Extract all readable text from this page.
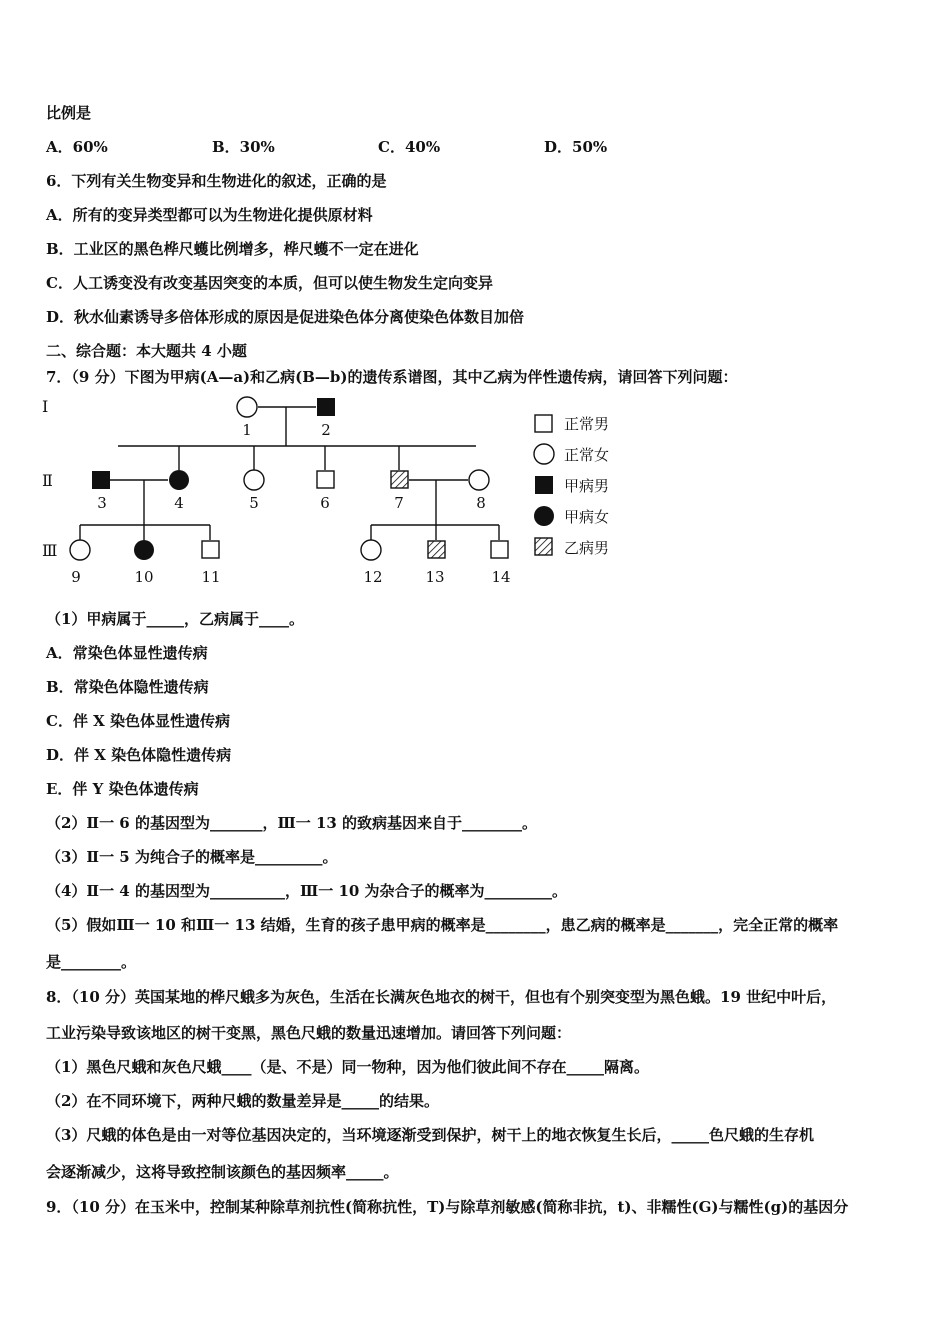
比例是
A．60%	B．30%	C．40%	D．50%
6．下列有关生物变异和生物进化的叙述，正确的是
A．所有的变异类型都可以为生物进化提供原材料
B．工业区的黑色桦尺蠖比例增多，桦尺蠖不一定在进化
C．人工诱变没有改变基因突变的本质，但可以使生物发生定向变异
D．秋水仙素诱导多倍体形成的原因是促进染色体分离使染色体数目加倍
二、综合题：本大题共 4 小题
7．（9 分）下图为甲病(A—a)和乙病(B—b)的遗传系谱图，其中乙病为伴性遗传病，请回答下列问题：
Ⅰ
Ⅱ
Ⅲ
1	2
3	4	5	6	7	8
9	10	11	12	13	14
正常男
正常女
甲病男
甲病女
乙病男
（1）甲病属于_____，乙病属于____。
A．常染色体显性遗传病
B．常染色体隐性遗传病
C．伴 X 染色体显性遗传病
D．伴 X 染色体隐性遗传病
E．伴 Y 染色体遗传病
（2）Ⅱ一 6 的基因型为_______，Ⅲ一 13 的致病基因来自于________。
（3）Ⅱ一 5 为纯合子的概率是_________。
（4）Ⅱ一 4 的基因型为__________，Ⅲ一 10 为杂合子的概率为_________。
（5）假如Ⅲ一 10 和Ⅲ一 13 结婚，生育的孩子患甲病的概率是________，患乙病的概率是_______，完全正常的概率
是________。
8．（10 分）英国某地的桦尺蛾多为灰色，生活在长满灰色地衣的树干，但也有个别突变型为黑色蛾。19 世纪中叶后，
工业污染导致该地区的树干变黑，黑色尺蛾的数量迅速增加。请回答下列问题：
（1）黑色尺蛾和灰色尺蛾____（是、不是）同一物种，因为他们彼此间不存在_____隔离。
（2）在不同环境下，两种尺蛾的数量差异是_____的结果。
（3）尺蛾的体色是由一对等位基因决定的，当环境逐渐受到保护，树干上的地衣恢复生长后，_____色尺蛾的生存机
会逐渐减少，这将导致控制该颜色的基因频率_____。
9．（10 分）在玉米中，控制某种除草剂抗性(简称抗性，T)与除草剂敏感(简称非抗，t)、非糯性(G)与糯性(g)的基因分
